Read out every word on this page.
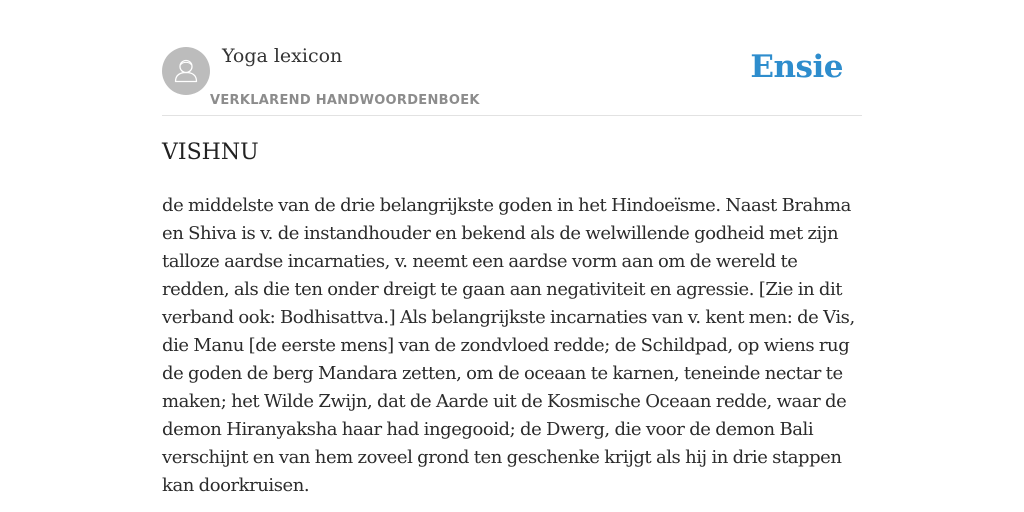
Yoga lexicon
VERKLAREND HANDWOORDENBOEK
Ensie
VISHNU

de middelste van de drie belangrijkste goden in het Hindoeïsme. Naast Brahma en Shiva is v. de instandhouder en bekend als de welwillende godheid met zijn talloze aardse incarnaties, v. neemt een aardse vorm aan om de wereld te redden, als die ten onder dreigt te gaan aan negativiteit en agressie. [Zie in dit verband ook: Bodhisattva.] Als belangrijkste incarnaties van v. kent men: de Vis, die Manu [de eerste mens] van de zondvloed redde; de Schildpad, op wiens rug de goden de berg Mandara zetten, om de oceaan te karnen, teneinde nectar te maken; het Wilde Zwijn, dat de Aarde uit de Kosmische Oceaan redde, waar de demon Hiranyaksha haar had ingegooid; de Dwerg, die voor de demon Bali verschijnt en van hem zoveel grond ten geschenke krijgt als hij in drie stappen kan doorkruisen.
